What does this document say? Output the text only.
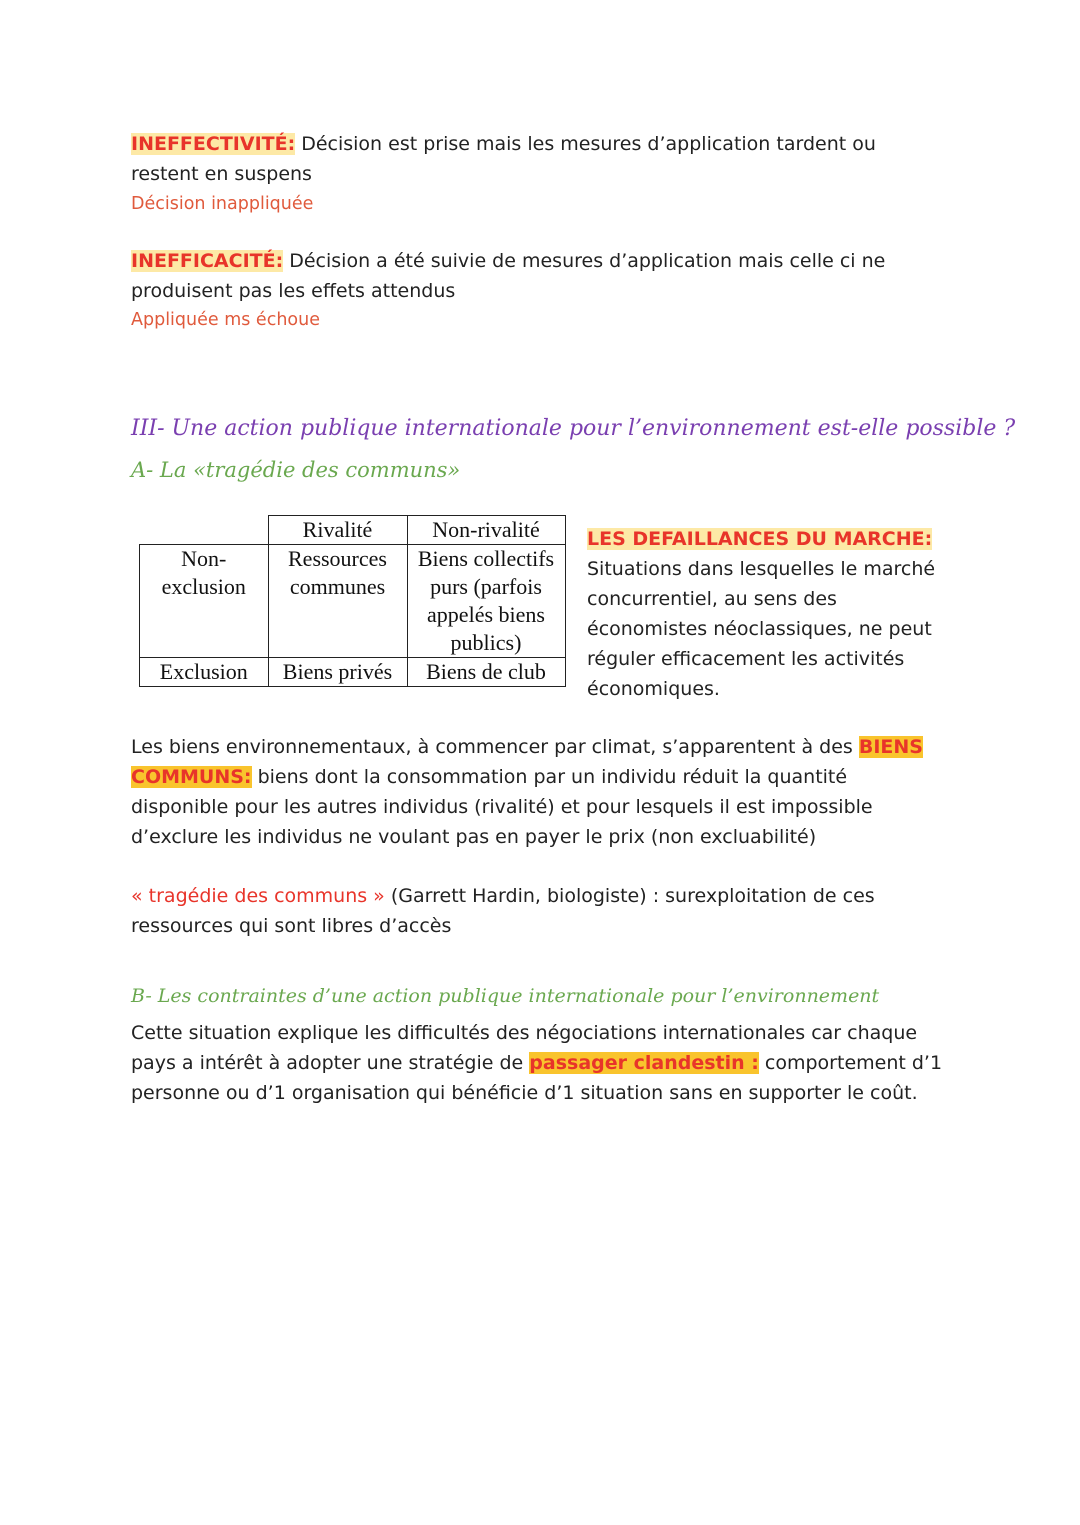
INEFFECTIVITÉ: Décision est prise mais les mesures d’application tardent ou restent en suspens
Décision inappliquée
INEFFICACITÉ: Décision a été suivie de mesures d’application mais celle ci ne produisent pas les effets attendus
Appliquée ms échoue
III- Une action publique internationale pour l’environnement est-elle possible ?
A- La «tragédie des communs»
	Rivalité	Non-rivalité
Non-exclusion	Ressources communes	Biens collectifs purs (parfois appelés biens publics)
Exclusion	Biens privés	Biens de club
LES DEFAILLANCES DU MARCHE:
Situations dans lesquelles le marché concurrentiel, au sens des économistes néoclassiques, ne peut réguler efficacement les activités économiques.
Les biens environnementaux, à commencer par climat, s’apparentent à des BIENS COMMUNS: biens dont la consommation par un individu réduit la quantité disponible pour les autres individus (rivalité) et pour lesquels il est impossible d’exclure les individus ne voulant pas en payer le prix (non excluabilité)
« tragédie des communs » (Garrett Hardin, biologiste) : surexploitation de ces ressources qui sont libres d’accès
B- Les contraintes d’une action publique internationale pour l’environnement
Cette situation explique les difficultés des négociations internationales car chaque pays a intérêt à adopter une stratégie de passager clandestin : comportement d’1 personne ou d’1 organisation qui bénéficie d’1 situation sans en supporter le coût.
